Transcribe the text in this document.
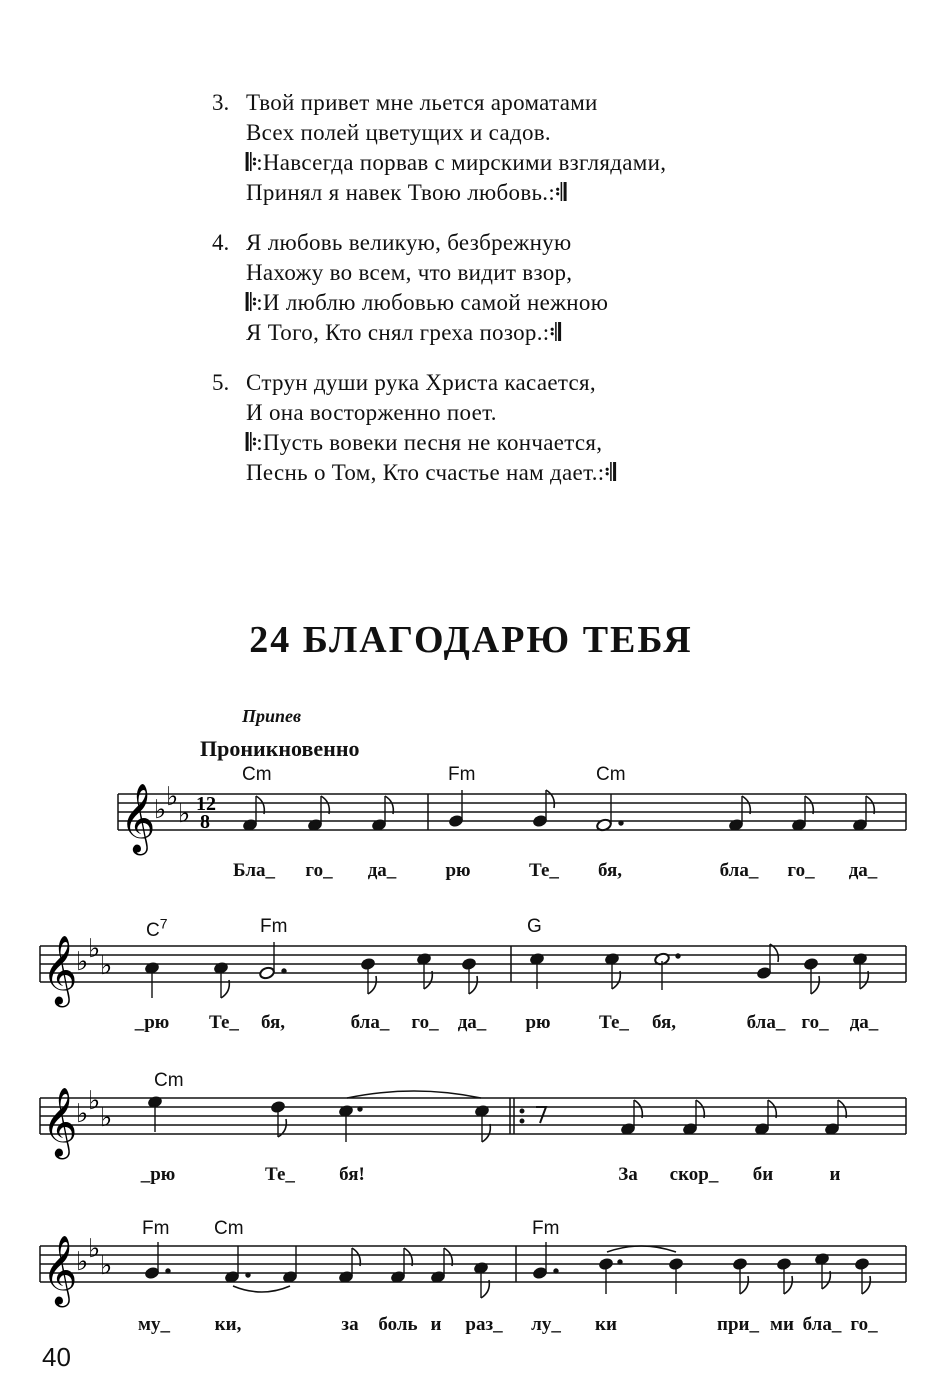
3. Твой привет мне льется ароматами
Всех полей цветущих и садов.
𝄆:Навсегда порвав с мирскими взглядами,
Принял я навек Твою любовь.:𝄇
4. Я любовь великую, безбрежную
Нахожу во всем, что видит взор,
𝄆:И люблю любовью самой нежною
Я Того, Кто снял греха позор.:𝄇
5. Струн души рука Христа касается,
И она восторженно поет.
𝄆:Пусть вовеки песня не кончается,
Песнь о Том, Кто счастье нам дает.:𝄇
24 БЛАГОДАРЮ ТЕБЯ
Припев
Проникновенно
𝄞
♭ ♭
♭ 12
8
Cm	Fm	Cm
Бла_ го_ да_	рю	Те_ бя,	бла_ го_ да_
𝄞
♭ ♭
♭
$C^7$	Fm	G
_рю Те_ бя,	бла_ го_ да_ рю	Те_ бя,	бла_ го_ да_
𝄞
♭ ♭
♭
Cm
_рю	Те_ бя!	За скор_ би	и
𝄞
♭ ♭
♭
Fm Cm	Fm
му_ ки,	за боль и раз_ лу_ ки	при_ ми бла_ го_
40
